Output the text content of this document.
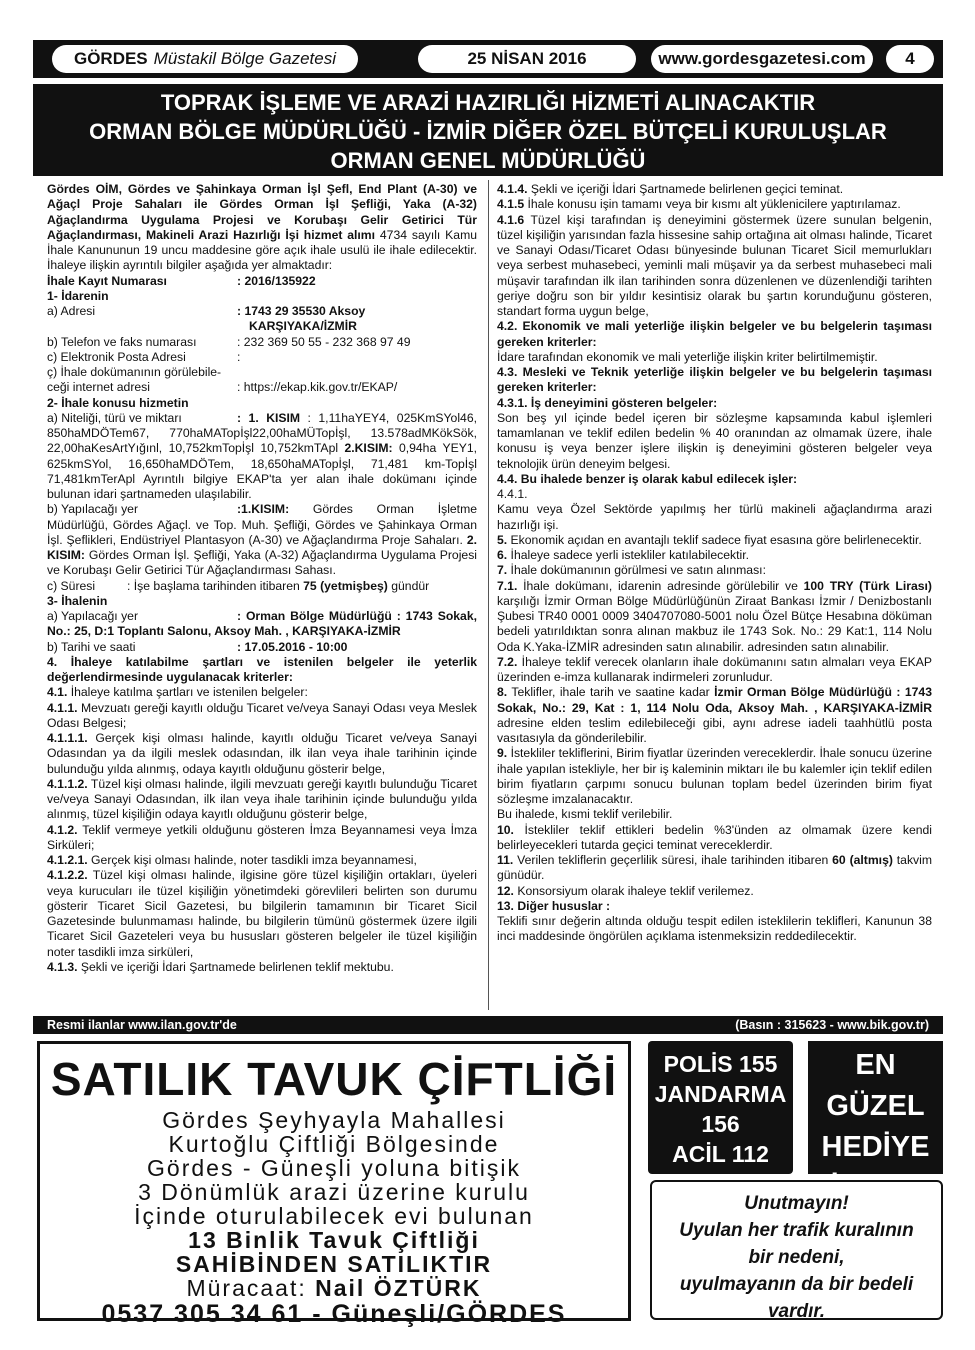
GÖRDES Müstakil Bölge Gazetesi	25 NİSAN 2016	www.gordesgazetesi.com 4
TOPRAK İŞLEME VE ARAZİ HAZIRLIĞI HİZMETİ ALINACAKTIR
ORMAN BÖLGE MÜDÜRLÜĞÜ - İZMİR DİĞER ÖZEL BÜTÇELİ KURULUŞLAR
ORMAN GENEL MÜDÜRLÜĞÜ

Gördes OİM, Gördes ve Şahinkaya Orman İşl Şefl, End Plant (A-30) ve Ağaçl Proje Sahaları ile Gördes Orman İşl Şefliği, Yaka (A-32) Ağaçlandırma Uygulama Projesi ve Korubaşı Gelir Getirici Tür Ağaçlandırması, Makineli Arazi Hazırlığı İşi hizmet alımı 4734 sayılı Kamu İhale Kanununun 19 uncu maddesine göre açık ihale usulü ile ihale edilecektir. İhaleye ilişkin ayrıntılı bilgiler aşağıda yer almaktadır:

İhale Kayıt Numarası	: 2016/135922

1- İdarenin

a) Adresi	: 1743 29 35530 Aksoy
KARŞIYAKA/İZMİR
b) Telefon ve faks numarası	: 232 369 50 55 - 232 368 97 49
c) Elektronik Posta Adresi	:
ç) İhale dokümanının görülebile-
ceği internet adresi	: https://ekap.kik.gov.tr/EKAP/

2- İhale konusu hizmetin

a) Niteliği, türü ve miktarı	: 1. KISIM : 1,11haYEY4, 025KmSYol46, 850haMDÖTem67, 770haMATopİşl22,00haMÜTopİşl, 13.578adMKökSök, 22,00haKesArtYığınl, 10,752kmTopİşl 10,752kmTApl 2.KISIM: 0,94ha YEY1, 625kmSYol, 16,650haMDÖTem, 18,650haMATopİşl, 71,481 km-Topİşl 71,481kmTerApl Ayrıntılı bilgiye EKAP'ta yer alan ihale dokümanı içinde bulunan idari şartnameden ulaşılabilir.

b) Yapılacağı yer	:1.KISIM: Gördes Orman İşletme Müdürlüğü, Gördes Ağaçl. ve Top. Muh. Şefliği, Gördes ve Şahinkaya Orman İşl. Şeflikleri, Endüstriyel Plantasyon (A-30) ve Ağaçlandırma Proje Sahaları. 2. KISIM: Gördes Orman İşl. Şefliği, Yaka (A-32) Ağaçlandırma Uygulama Projesi ve Korubaşı Gelir Getirici Tür Ağaçlandırması Sahası.

c) Süresi	: İşe başlama tarihinden itibaren 75 (yetmişbeş) gündür

3- İhalenin

a) Yapılacağı yer	: Orman Bölge Müdürlüğü : 1743 Sokak, No.: 25, D:1 Toplantı Salonu, Aksoy Mah. , KARŞIYAKA-İZMİR

b) Tarihi ve saati	: 17.05.2016 - 10:00

4. İhaleye katılabilme şartları ve istenilen belgeler ile yeterlik değerlendirmesinde uygulanacak kriterler:

4.1. İhaleye katılma şartları ve istenilen belgeler:

4.1.1. Mevzuatı gereği kayıtlı olduğu Ticaret ve/veya Sanayi Odası veya Meslek Odası Belgesi;

4.1.1.1. Gerçek kişi olması halinde, kayıtlı olduğu Ticaret ve/veya Sanayi Odasından ya da ilgili meslek odasından, ilk ilan veya ihale tarihinin içinde bulunduğu yılda alınmış, odaya kayıtlı olduğunu gösterir belge,

4.1.1.2. Tüzel kişi olması halinde, ilgili mevzuatı gereği kayıtlı bulunduğu Ticaret ve/veya Sanayi Odasından, ilk ilan veya ihale tarihinin içinde bulunduğu yılda alınmış, tüzel kişiliğin odaya kayıtlı olduğunu gösterir belge,

4.1.2. Teklif vermeye yetkili olduğunu gösteren İmza Beyannamesi veya İmza Sirküleri;

4.1.2.1. Gerçek kişi olması halinde, noter tasdikli imza beyannamesi,

4.1.2.2. Tüzel kişi olması halinde, ilgisine göre tüzel kişiliğin ortakları, üyeleri veya kurucuları ile tüzel kişiliğin yönetimdeki görevlileri belirten son durumu gösterir Ticaret Sicil Gazetesi, bu bilgilerin tamamının bir Ticaret Sicil Gazetesinde bulunmaması halinde, bu bilgilerin tümünü göstermek üzere ilgili Ticaret Sicil Gazeteleri veya bu hususları gösteren belgeler ile tüzel kişiliğin noter tasdikli imza sirküleri,

4.1.3. Şekli ve içeriği İdari Şartnamede belirlenen teklif mektubu.

4.1.4. Şekli ve içeriği İdari Şartnamede belirlenen geçici teminat.

4.1.5 İhale konusu işin tamamı veya bir kısmı alt yüklenicilere yaptırılamaz.

4.1.6 Tüzel kişi tarafından iş deneyimini göstermek üzere sunulan belgenin, tüzel kişiliğin yarısından fazla hissesine sahip ortağına ait olması halinde, Ticaret ve Sanayi Odası/Ticaret Odası bünyesinde bulunan Ticaret Sicil memurlukları veya serbest muhasebeci, yeminli mali müşavir ya da serbest muhasebeci mali müşavir tarafından ilk ilan tarihinden sonra düzenlenen ve düzenlendiği tarihten geriye doğru son bir yıldır kesintisiz olarak bu şartın korunduğunu gösteren, standart forma uygun belge,

4.2. Ekonomik ve mali yeterliğe ilişkin belgeler ve bu belgelerin taşıması gereken kriterler:

İdare tarafından ekonomik ve mali yeterliğe ilişkin kriter belirtilmemiştir.

4.3. Mesleki ve Teknik yeterliğe ilişkin belgeler ve bu belgelerin taşıması gereken kriterler:

4.3.1. İş deneyimini gösteren belgeler:

Son beş yıl içinde bedel içeren bir sözleşme kapsamında kabul işlemleri tamamlanan ve teklif edilen bedelin % 40 oranından az olmamak üzere, ihale konusu iş veya benzer işlere ilişkin iş deneyimini gösteren belgeler veya teknolojik ürün deneyim belgesi.

4.4. Bu ihalede benzer iş olarak kabul edilecek işler:

4.4.1.

Kamu veya Özel Sektörde yapılmış her türlü makineli ağaçlandırma arazi hazırlığı işi.

5. Ekonomik açıdan en avantajlı teklif sadece fiyat esasına göre belirlenecektir.

6. İhaleye sadece yerli istekliler katılabilecektir.

7. İhale dokümanının görülmesi ve satın alınması:

7.1. İhale dokümanı, idarenin adresinde görülebilir ve 100 TRY (Türk Lirası) karşılığı İzmir Orman Bölge Müdürlüğünün Ziraat Bankası İzmir / Denizbostanlı Şubesi TR40 0001 0009 3404707080-5001 nolu Özel Bütçe Hesabına döküman bedeli yatırıldıktan sonra alınan makbuz ile 1743 Sok. No.: 29 Kat:1, 114 Nolu Oda K.Yaka-İZMİR adresinden satın alınabilir. adresinden satın alınabilir.

7.2. İhaleye teklif verecek olanların ihale dokümanını satın almaları veya EKAP üzerinden e-imza kullanarak indirmeleri zorunludur.

8. Teklifler, ihale tarih ve saatine kadar İzmir Orman Bölge Müdürlüğü : 1743 Sokak, No.: 29, Kat : 1, 114 Nolu Oda, Aksoy Mah. , KARŞIYAKA-İZMİR adresine elden teslim edilebileceği gibi, aynı adrese iadeli taahhütlü posta vasıtasıyla da gönderilebilir.

9. İstekliler tekliflerini, Birim fiyatlar üzerinden vereceklerdir. İhale sonucu üzerine ihale yapılan istekliyle, her bir iş kaleminin miktarı ile bu kalemler için teklif edilen birim fiyatların çarpımı sonucu bulunan toplam bedel üzerinden birim fiyat sözleşme imzalanacaktır.

Bu ihalede, kısmi teklif verilebilir.

10. İstekliler teklif ettikleri bedelin %3'ünden az olmamak üzere kendi belirleyecekleri tutarda geçici teminat vereceklerdir.

11. Verilen tekliflerin geçerlilik süresi, ihale tarihinden itibaren 60 (altmış) takvim günüdür.

12. Konsorsiyum olarak ihaleye teklif verilemez.

13. Diğer hususlar :

Teklifi sınır değerin altında olduğu tespit edilen isteklilerin teklifleri, Kanunun 38 inci maddesinde öngörülen açıklama istenmeksizin reddedilecektir.

Resmi ilanlar www.ilan.gov.tr'de	(Basın : 315623 - www.bik.gov.tr)
SATILIK TAVUK ÇİFTLİĞİ
Gördes Şeyhyayla Mahallesi
Kurtoğlu Çiftliği Bölgesinde
Gördes - Güneşli yoluna bitişik
3 Dönümlük arazi üzerine kurulu
İçinde oturulabilecek evi bulunan
13 Binlik Tavuk Çiftliği
SAHİBİNDEN SATILIKTIR
Müracaat: Nail ÖZTÜRK
0537 305 34 61 - Güneşli/GÖRDES
POLİS 155
JANDARMA
156
ACİL 112
EN GÜZEL
HEDİYE
KİTAPTIR
Unutmayın!
Uyulan her trafik kuralının
bir nedeni,
uyulmayanın da bir bedeli vardır.
